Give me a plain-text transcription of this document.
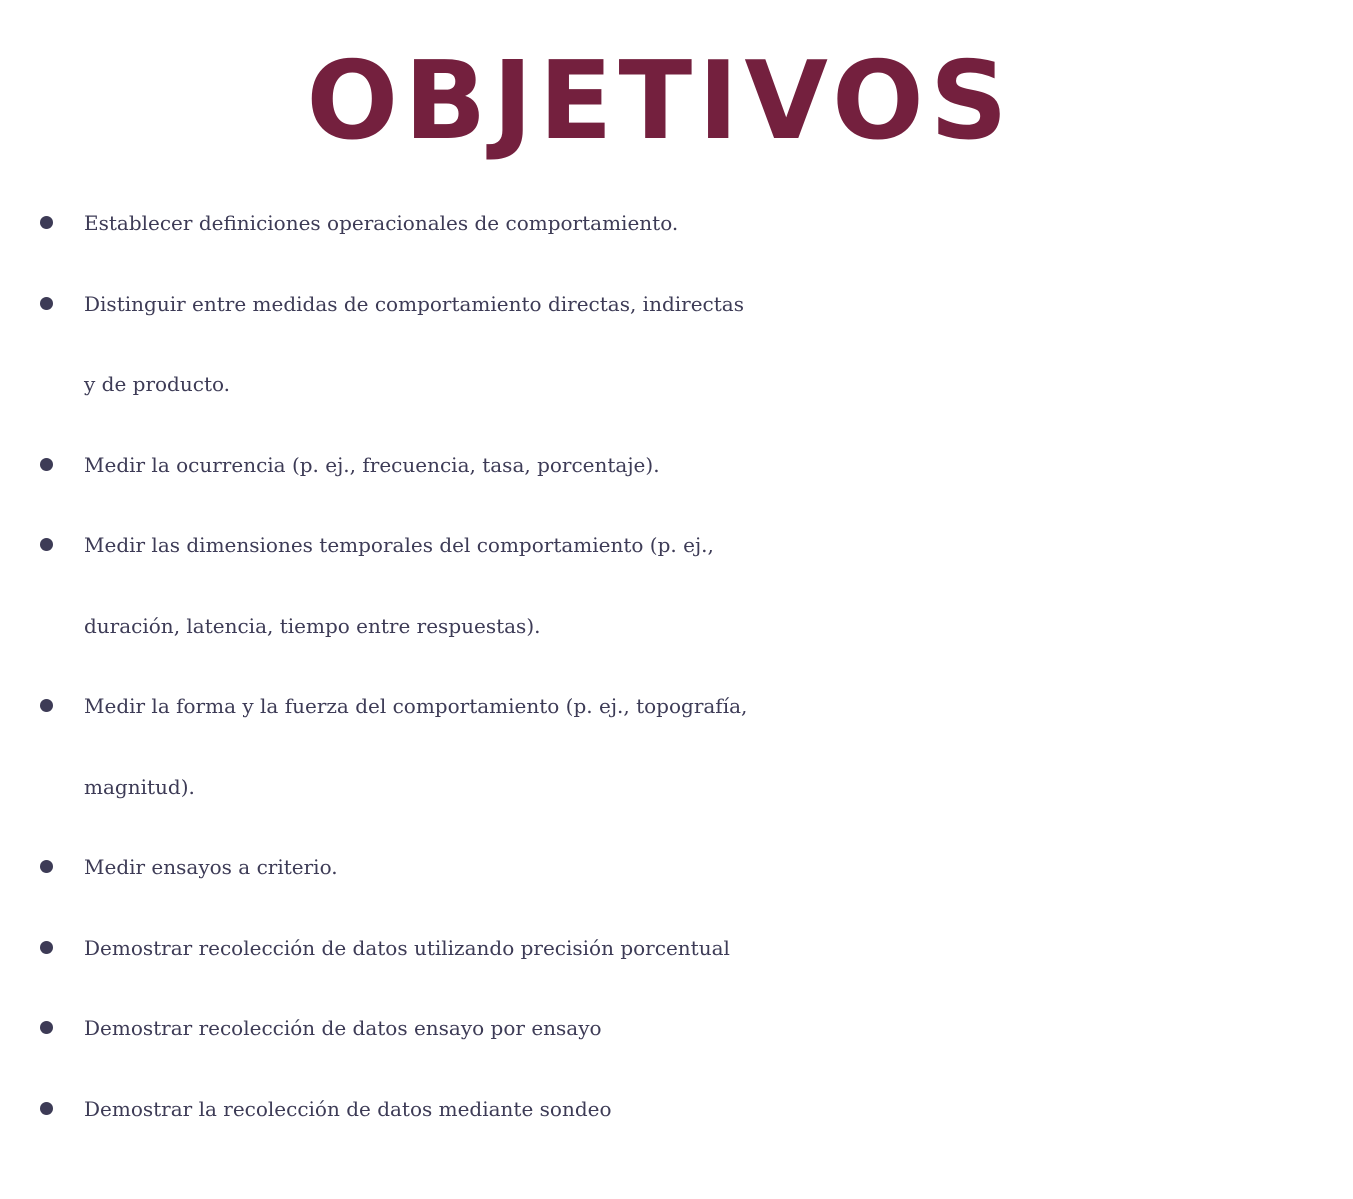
OBJETIVOS
Establecer definiciones operacionales de comportamiento.
Distinguir entre medidas de comportamiento directas, indirectas
y de producto.
Medir la ocurrencia (p. ej., frecuencia, tasa, porcentaje).
Medir las dimensiones temporales del comportamiento (p. ej.,
duración, latencia, tiempo entre respuestas).
Medir la forma y la fuerza del comportamiento (p. ej., topografía,
magnitud).
Medir ensayos a criterio.
Demostrar recolección de datos utilizando precisión porcentual
Demostrar recolección de datos ensayo por ensayo
Demostrar la recolección de datos mediante sondeo
